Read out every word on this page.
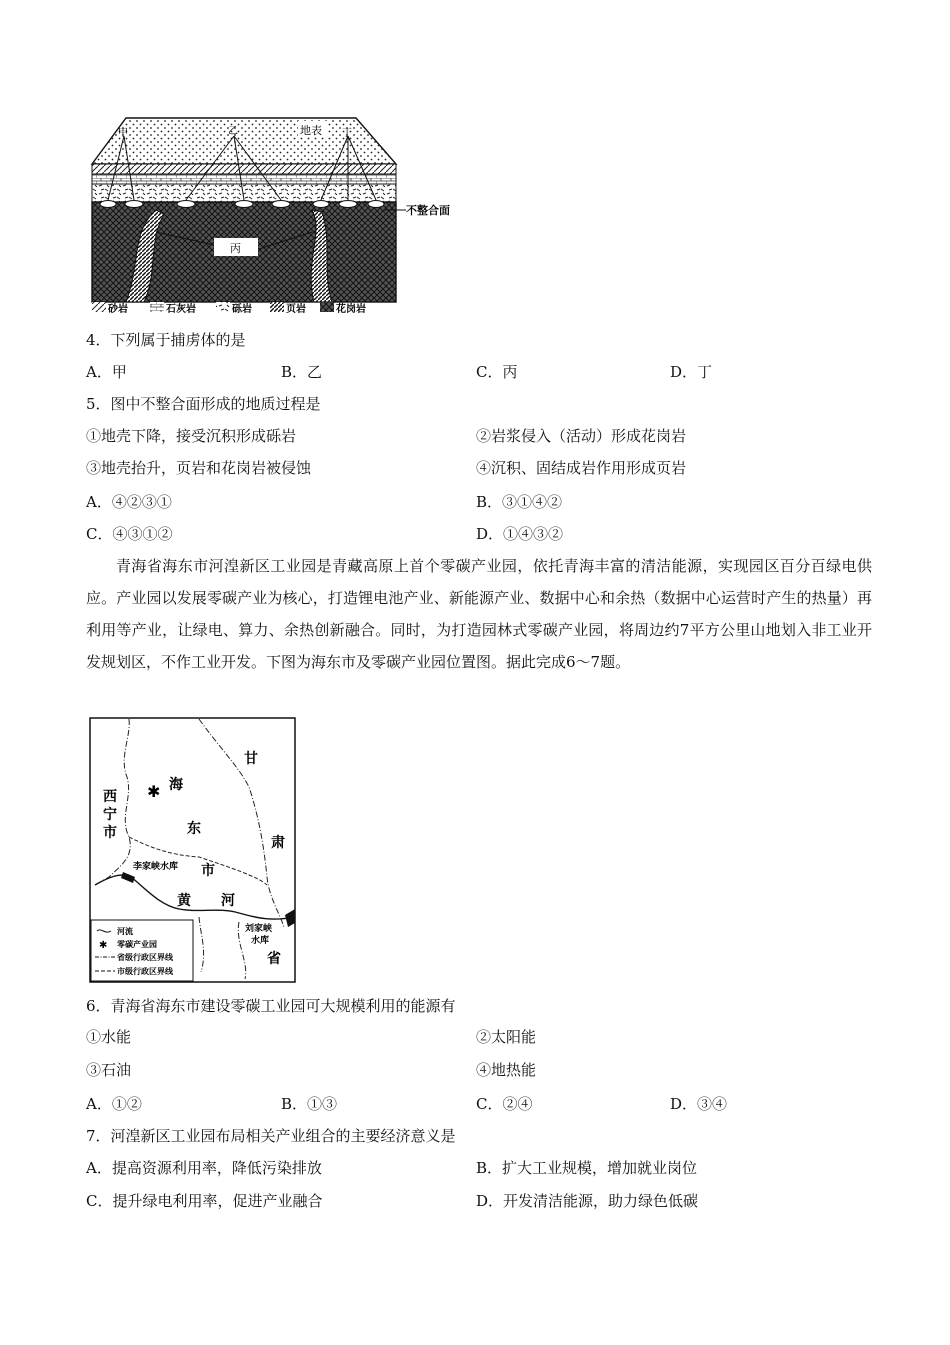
地表
甲	乙	丁
丙
不整合面
砂岩	石灰岩	砾岩	页岩	花岗岩
4．下列属于捕虏体的是
A．甲	B．乙	C．丙	D．丁
5．图中不整合面形成的地质过程是
①地壳下降，接受沉积形成砾岩	②岩浆侵入（活动）形成花岗岩
③地壳抬升，页岩和花岗岩被侵蚀	④沉积、固结成岩作用形成页岩
A．④②③①	B．③①④②
C．④③①②	D．①④③②
青海省海东市河湟新区工业园是青藏高原上首个零碳产业园，依托青海丰富的清洁能源，实现园区百分百绿电供应。产业园以发展零碳产业为核心，打造锂电池产业、新能源产业、数据中心和余热（数据中心运营时产生的热量）再利用等产业，让绿电、算力、余热创新融合。同时，为打造园林式零碳产业园，将周边约7平方公里山地划入非工业开发规划区，不作工业开发。下图为海东市及零碳产业园位置图。据此完成6～7题。
✱
西
宁
市
海
东
市
甘
肃
省
黄 河
李家峡水库
刘家峡
水库
河流
✱ 零碳产业园
省级行政区界线
市级行政区界线
6．青海省海东市建设零碳工业园可大规模利用的能源有
①水能	②太阳能
③石油	④地热能
A．①②	B．①③	C．②④	D．③④
7．河湟新区工业园布局相关产业组合的主要经济意义是
A．提高资源利用率，降低污染排放	B．扩大工业规模，增加就业岗位
C．提升绿电利用率，促进产业融合	D．开发清洁能源，助力绿色低碳
